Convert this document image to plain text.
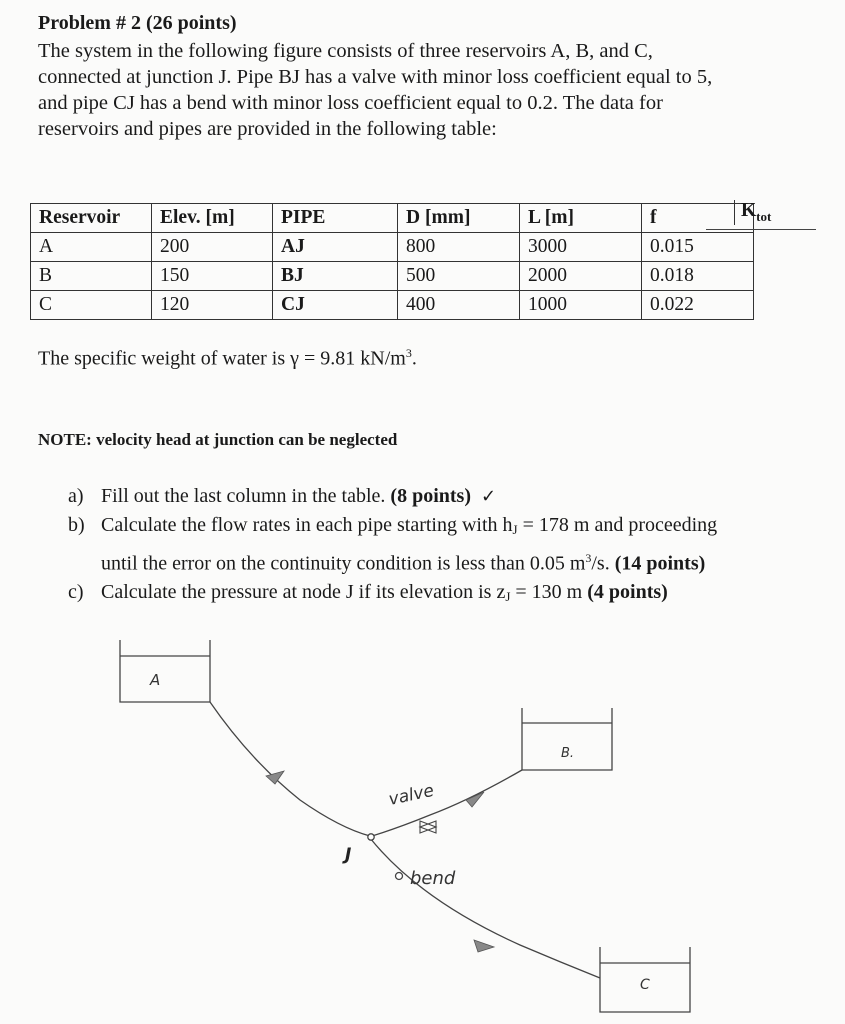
Problem # 2 (26 points)

The system in the following figure consists of three reservoirs A, B, and C,
connected at junction J. Pipe BJ has a valve with minor loss coefficient equal to 5,
and pipe CJ has a bend with minor loss coefficient equal to 0.2. The data for
reservoirs and pipes are provided in the following table:

Reservoir	Elev. [m]	PIPE	D [mm]	L [m]	f
A	200	AJ	800	3000	0.015
B	150	BJ	500	2000	0.018
C	120	CJ	400	1000	0.022
$K_{tot}$
The specific weight of water is γ = 9.81 $kN/m^3$.
NOTE: velocity head at junction can be neglected
a) Fill out the last column in the table. (8 points) ✓
b) Calculate the flow rates in each pipe starting with hJ = 178 m and proceeding
until the error on the continuity condition is less than 0.05 $m^3/s$. (14 points)
c) Calculate the pressure at node J if its elevation is zJ = 130 m (4 points)
A
B.
C
J
valve
bend
